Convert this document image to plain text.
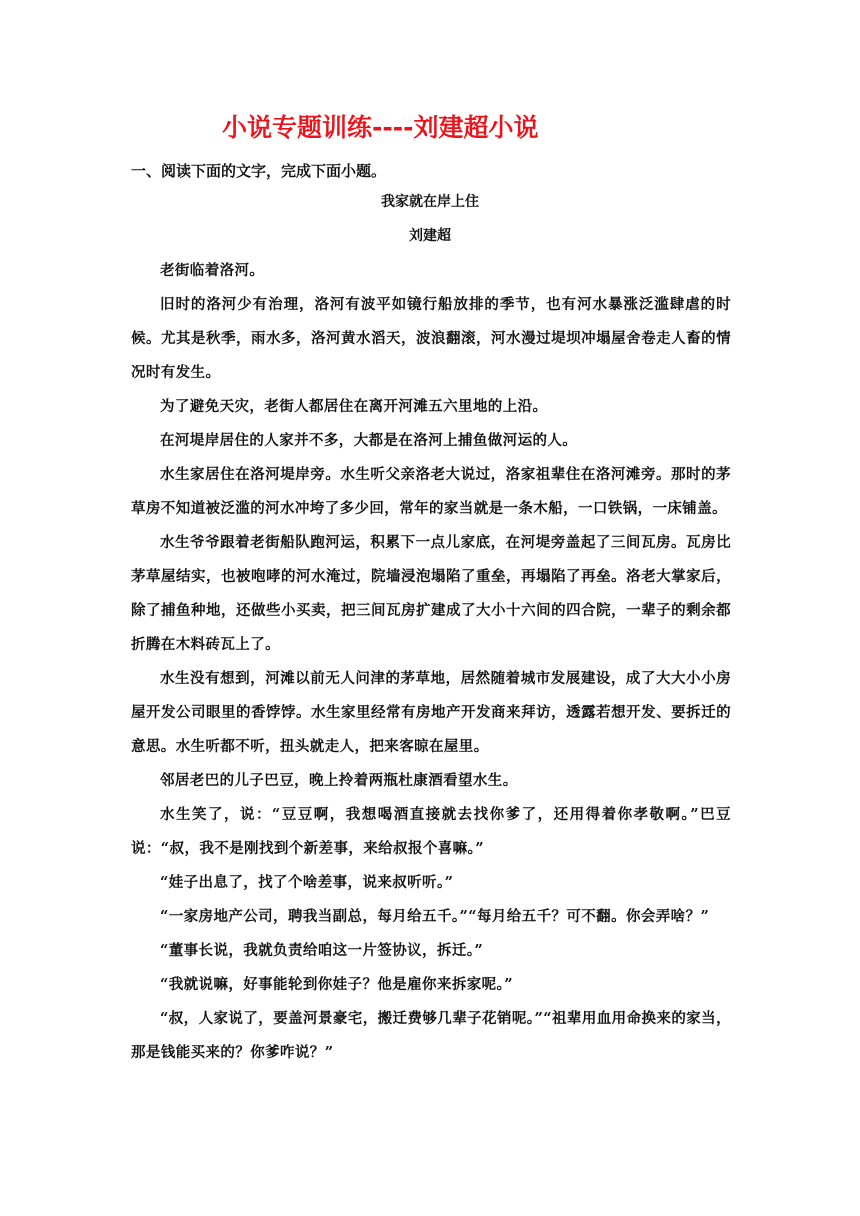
小说专题训练----刘建超小说
一、阅读下面的文字，完成下面小题。
我家就在岸上住
刘建超

老街临着洛河。

旧时的洛河少有治理，洛河有波平如镜行船放排的季节，也有河水暴涨泛滥肆虐的时候。尤其是秋季，雨水多，洛河黄水滔天，波浪翻滚，河水漫过堤坝冲塌屋舍卷走人畜的情况时有发生。

为了避免天灾，老街人都居住在离开河滩五六里地的上沿。

在河堤岸居住的人家并不多，大都是在洛河上捕鱼做河运的人。

水生家居住在洛河堤岸旁。水生听父亲洛老大说过，洛家祖辈住在洛河滩旁。那时的茅草房不知道被泛滥的河水冲垮了多少回，常年的家当就是一条木船，一口铁锅，一床铺盖。

水生爷爷跟着老街船队跑河运，积累下一点儿家底，在河堤旁盖起了三间瓦房。瓦房比茅草屋结实，也被咆哮的河水淹过，院墙浸泡塌陷了重垒，再塌陷了再垒。洛老大掌家后，除了捕鱼种地，还做些小买卖，把三间瓦房扩建成了大小十六间的四合院，一辈子的剩余都折腾在木料砖瓦上了。

水生没有想到，河滩以前无人问津的茅草地，居然随着城市发展建设，成了大大小小房屋开发公司眼里的香饽饽。水生家里经常有房地产开发商来拜访，透露若想开发、要拆迁的意思。水生听都不听，扭头就走人，把来客晾在屋里。

邻居老巴的儿子巴豆，晚上拎着两瓶杜康酒看望水生。

水生笑了，说：“豆豆啊，我想喝酒直接就去找你爹了，还用得着你孝敬啊。”巴豆说：“叔，我不是刚找到个新差事，来给叔报个喜嘛。”

“娃子出息了，找了个啥差事，说来叔听听。”

“一家房地产公司，聘我当副总，每月给五千。”“每月给五千？可不翻。你会弄啥？”

“董事长说，我就负责给咱这一片签协议，拆迁。”

“我就说嘛，好事能轮到你娃子？他是雇你来拆家呢。”

“叔，人家说了，要盖河景豪宅，搬迁费够几辈子花销呢。”“祖辈用血用命换来的家当，那是钱能买来的？你爹咋说？”
